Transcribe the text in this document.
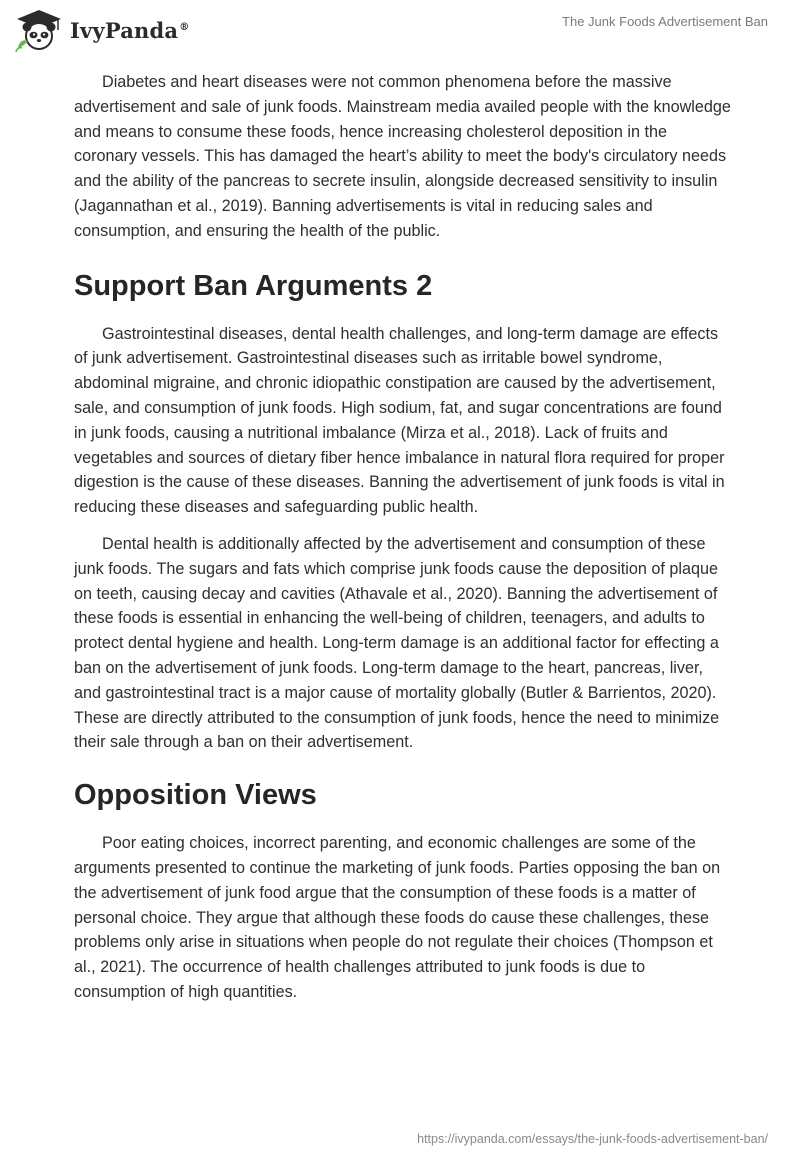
IvyPanda®	The Junk Foods Advertisement Ban

Diabetes and heart diseases were not common phenomena before the massive advertisement and sale of junk foods. Mainstream media availed people with the knowledge and means to consume these foods, hence increasing cholesterol deposition in the coronary vessels. This has damaged the heart’s ability to meet the body's circulatory needs and the ability of the pancreas to secrete insulin, alongside decreased sensitivity to insulin (Jagannathan et al., 2019). Banning advertisements is vital in reducing sales and consumption, and ensuring the health of the public.

Support Ban Arguments 2

Gastrointestinal diseases, dental health challenges, and long-term damage are effects of junk advertisement. Gastrointestinal diseases such as irritable bowel syndrome, abdominal migraine, and chronic idiopathic constipation are caused by the advertisement, sale, and consumption of junk foods. High sodium, fat, and sugar concentrations are found in junk foods, causing a nutritional imbalance (Mirza et al., 2018). Lack of fruits and vegetables and sources of dietary fiber hence imbalance in natural flora required for proper digestion is the cause of these diseases. Banning the advertisement of junk foods is vital in reducing these diseases and safeguarding public health.

Dental health is additionally affected by the advertisement and consumption of these junk foods. The sugars and fats which comprise junk foods cause the deposition of plaque on teeth, causing decay and cavities (Athavale et al., 2020). Banning the advertisement of these foods is essential in enhancing the well-being of children, teenagers, and adults to protect dental hygiene and health. Long-term damage is an additional factor for effecting a ban on the advertisement of junk foods. Long-term damage to the heart, pancreas, liver, and gastrointestinal tract is a major cause of mortality globally (Butler & Barrientos, 2020). These are directly attributed to the consumption of junk foods, hence the need to minimize their sale through a ban on their advertisement.

Opposition Views

Poor eating choices, incorrect parenting, and economic challenges are some of the arguments presented to continue the marketing of junk foods. Parties opposing the ban on the advertisement of junk food argue that the consumption of these foods is a matter of personal choice. They argue that although these foods do cause these challenges, these problems only arise in situations when people do not regulate their choices (Thompson et al., 2021). The occurrence of health challenges attributed to junk foods is due to consumption of high quantities.

https://ivypanda.com/essays/the-junk-foods-advertisement-ban/
